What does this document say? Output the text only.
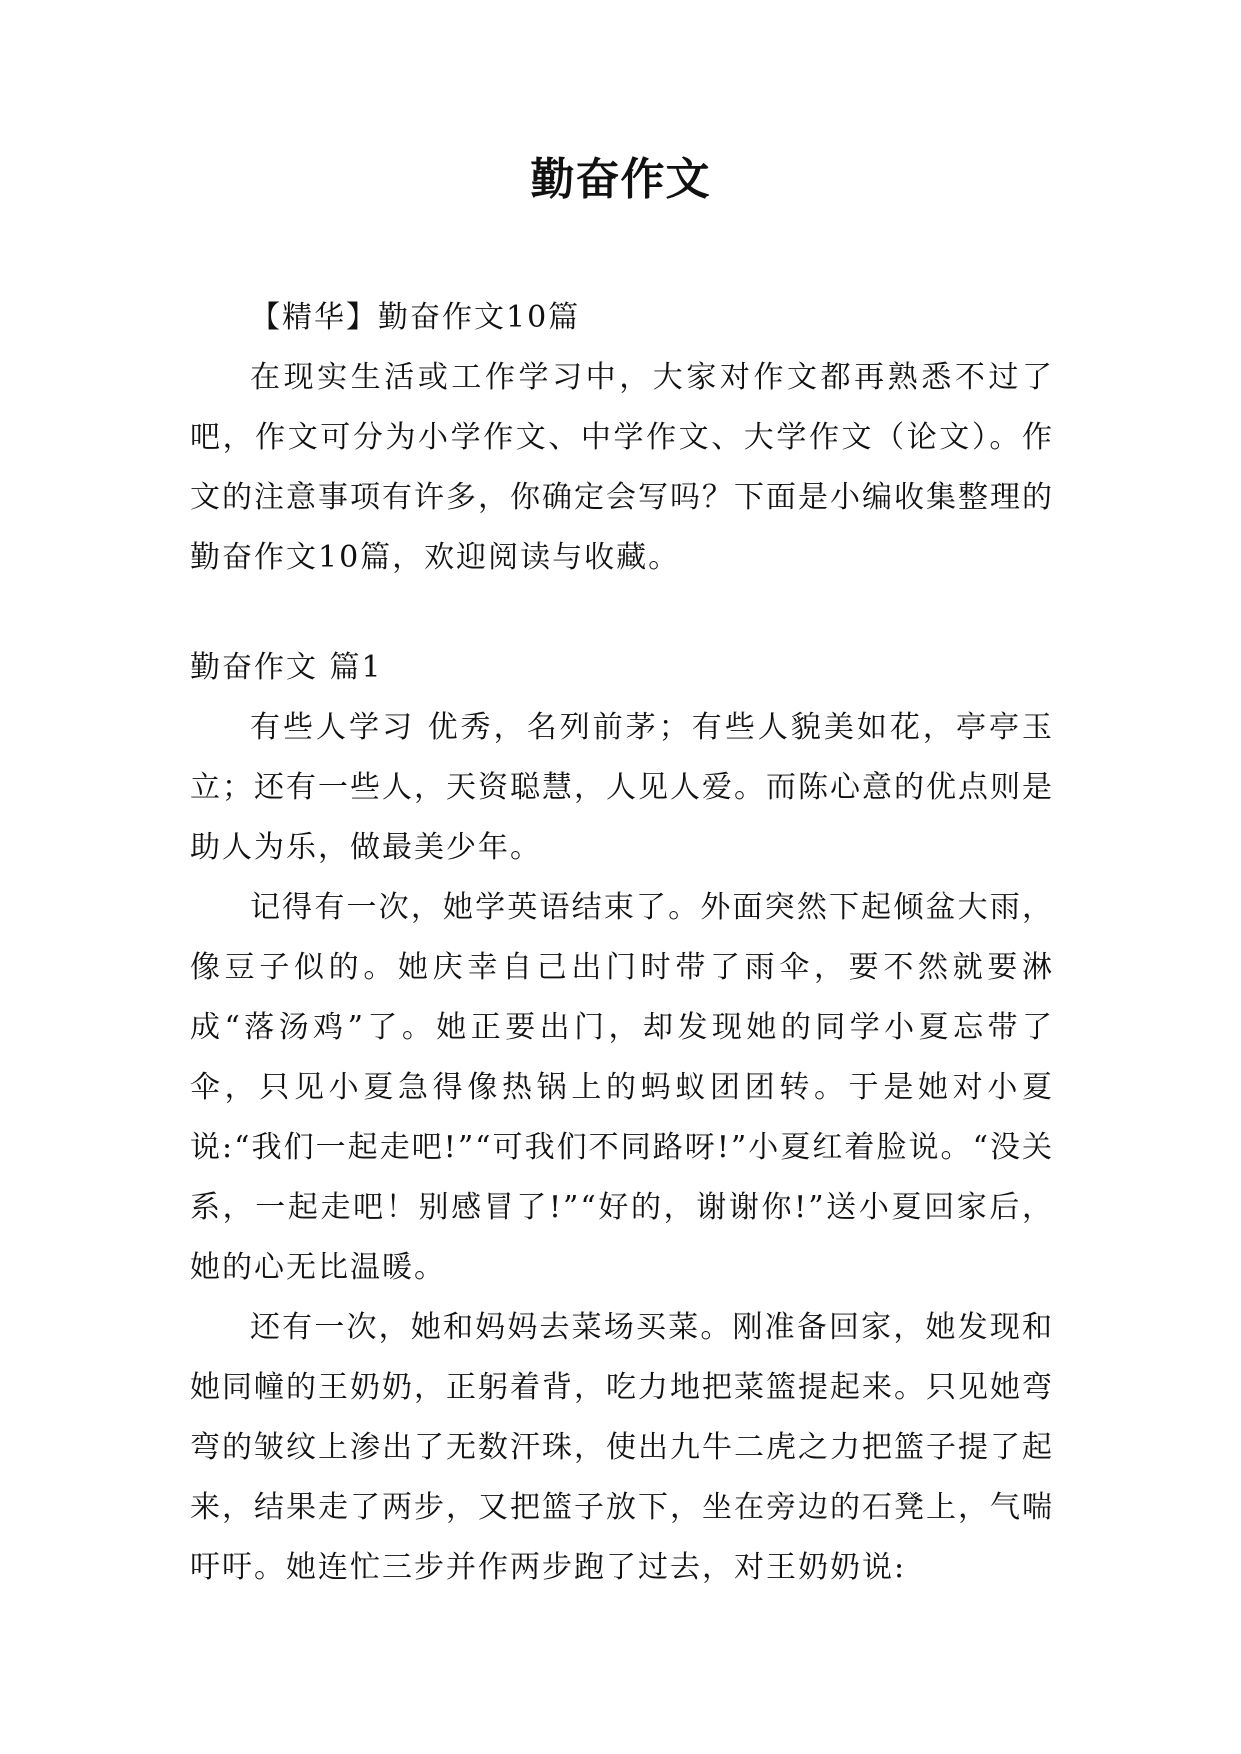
勤奋作文

【精华】勤奋作文10篇

在现实生活或工作学习中，大家对作文都再熟悉不过了吧，作文可分为小学作文、中学作文、大学作文（论文）。作文的注意事项有许多，你确定会写吗？下面是小编收集整理的勤奋作文10篇，欢迎阅读与收藏。

勤奋作文 篇1

有些人学习 优秀，名列前茅；有些人貌美如花，亭亭玉立；还有一些人，天资聪慧，人见人爱。而陈心意的优点则是助人为乐，做最美少年。

记得有一次，她学英语结束了。外面突然下起倾盆大雨，像豆子似的。她庆幸自己出门时带了雨伞，要不然就要淋成“落汤鸡”了。她正要出门，却发现她的同学小夏忘带了伞，只见小夏急得像热锅上的蚂蚁团团转。于是她对小夏说:“我们一起走吧!”“可我们不同路呀!”小夏红着脸说。“没关系，一起走吧！别感冒了!”“好的，谢谢你!”送小夏回家后，她的心无比温暖。

还有一次，她和妈妈去菜场买菜。刚准备回家，她发现和她同幢的王奶奶，正躬着背，吃力地把菜篮提起来。只见她弯弯的皱纹上渗出了无数汗珠，使出九牛二虎之力把篮子提了起来，结果走了两步，又把篮子放下，坐在旁边的石凳上，气喘吁吁。她连忙三步并作两步跑了过去，对王奶奶说:
